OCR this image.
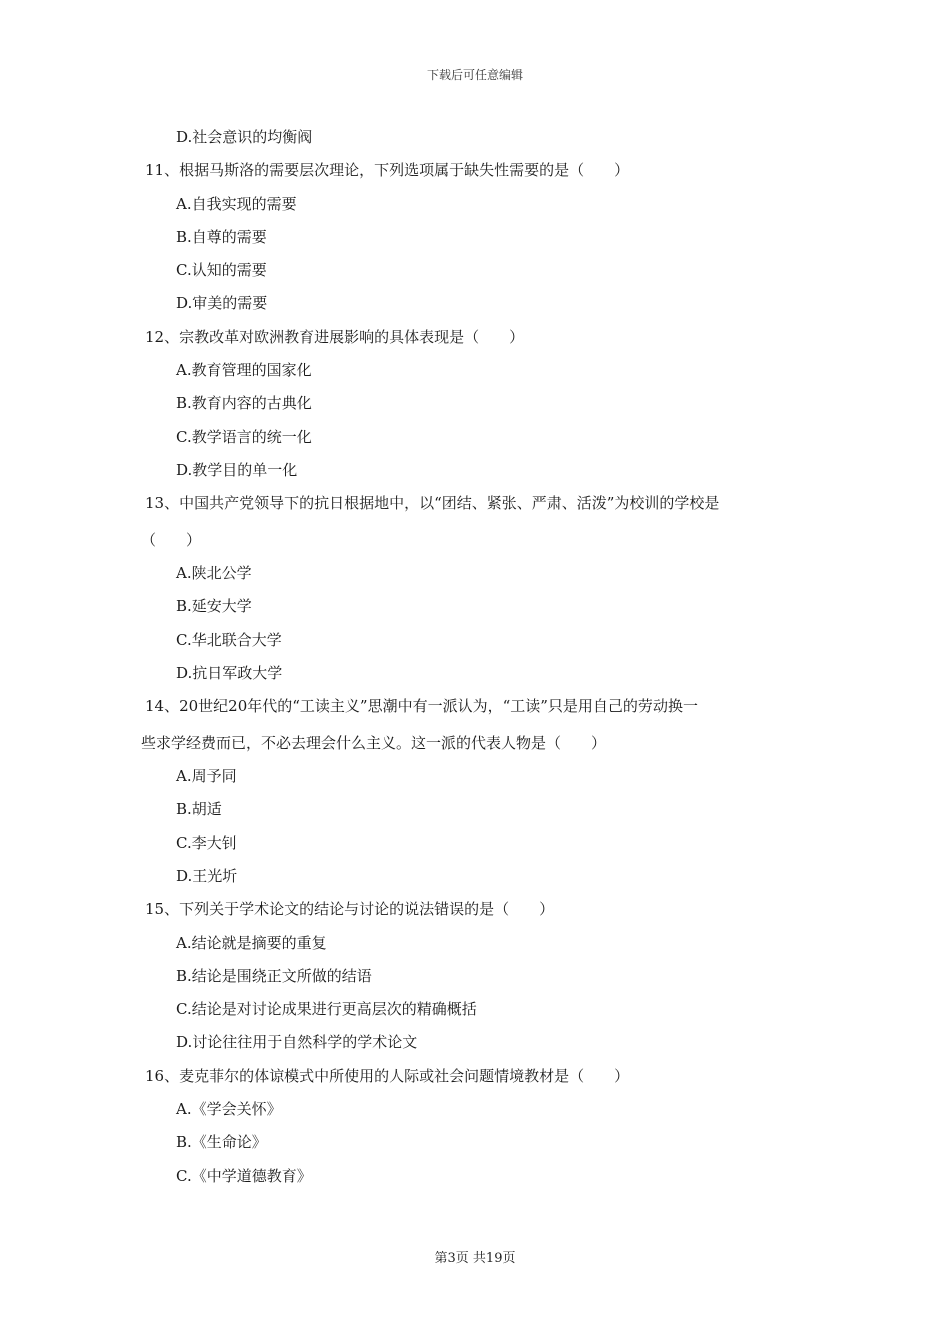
下载后可任意编辑
D.社会意识的均衡阀
11、根据马斯洛的需要层次理论，下列选项属于缺失性需要的是（　　）
A.自我实现的需要
B.自尊的需要
C.认知的需要
D.审美的需要
12、宗教改革对欧洲教育进展影响的具体表现是（　　）
A.教育管理的国家化
B.教育内容的古典化
C.教学语言的统一化
D.教学目的单一化
13、中国共产党领导下的抗日根据地中，以“团结、紧张、严肃、活泼”为校训的学校是
（　　）
A.陕北公学
B.延安大学
C.华北联合大学
D.抗日军政大学
14、20世纪20年代的“工读主义”思潮中有一派认为，“工读”只是用自己的劳动换一
些求学经费而已，不必去理会什么主义。这一派的代表人物是（　　）
A.周予同
B.胡适
C.李大钊
D.王光圻
15、下列关于学术论文的结论与讨论的说法错误的是（　　）
A.结论就是摘要的重复
B.结论是围绕正文所做的结语
C.结论是对讨论成果进行更高层次的精确概括
D.讨论往往用于自然科学的学术论文
16、麦克菲尔的体谅模式中所使用的人际或社会问题情境教材是（　　）
A.《学会关怀》
B.《生命论》
C.《中学道德教育》
第3页 共19页
